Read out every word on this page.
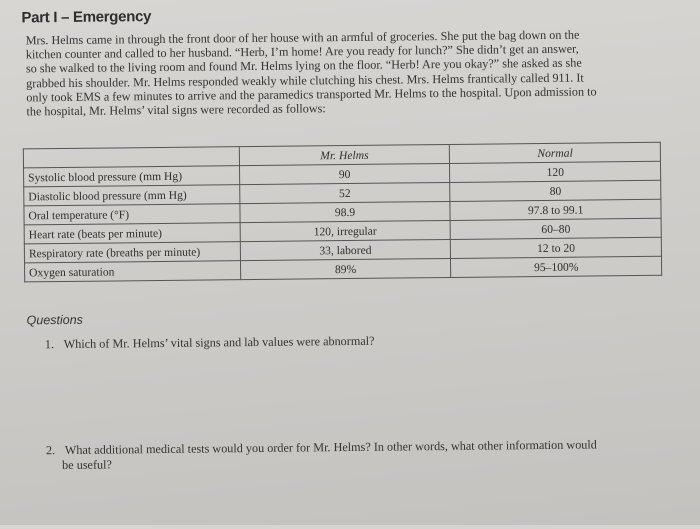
Part I – Emergency

Mrs. Helms came in through the front door of her house with an armful of groceries. She put the bag down on the
kitchen counter and called to her husband. “Herb, I’m home! Are you ready for lunch?” She didn’t get an answer,
so she walked to the living room and found Mr. Helms lying on the floor. “Herb! Are you okay?” she asked as she
grabbed his shoulder. Mr. Helms responded weakly while clutching his chest. Mrs. Helms frantically called 911. It
only took EMS a few minutes to arrive and the paramedics transported Mr. Helms to the hospital. Upon admission to
the hospital, Mr. Helms’ vital signs were recorded as follows:

	Mr. Helms	Normal
Systolic blood pressure (mm Hg)	90	120
Diastolic blood pressure (mm Hg)	52	80
Oral temperature (°F)	98.9	97.8 to 99.1
Heart rate (beats per minute)	120, irregular	60–80
Respiratory rate (breaths per minute)	33, labored	12 to 20
Oxygen saturation	89%	95–100%
Questions
1. Which of Mr. Helms’ vital signs and lab values were abnormal?
2. What additional medical tests would you order for Mr. Helms? In other words, what other information would
be useful?
